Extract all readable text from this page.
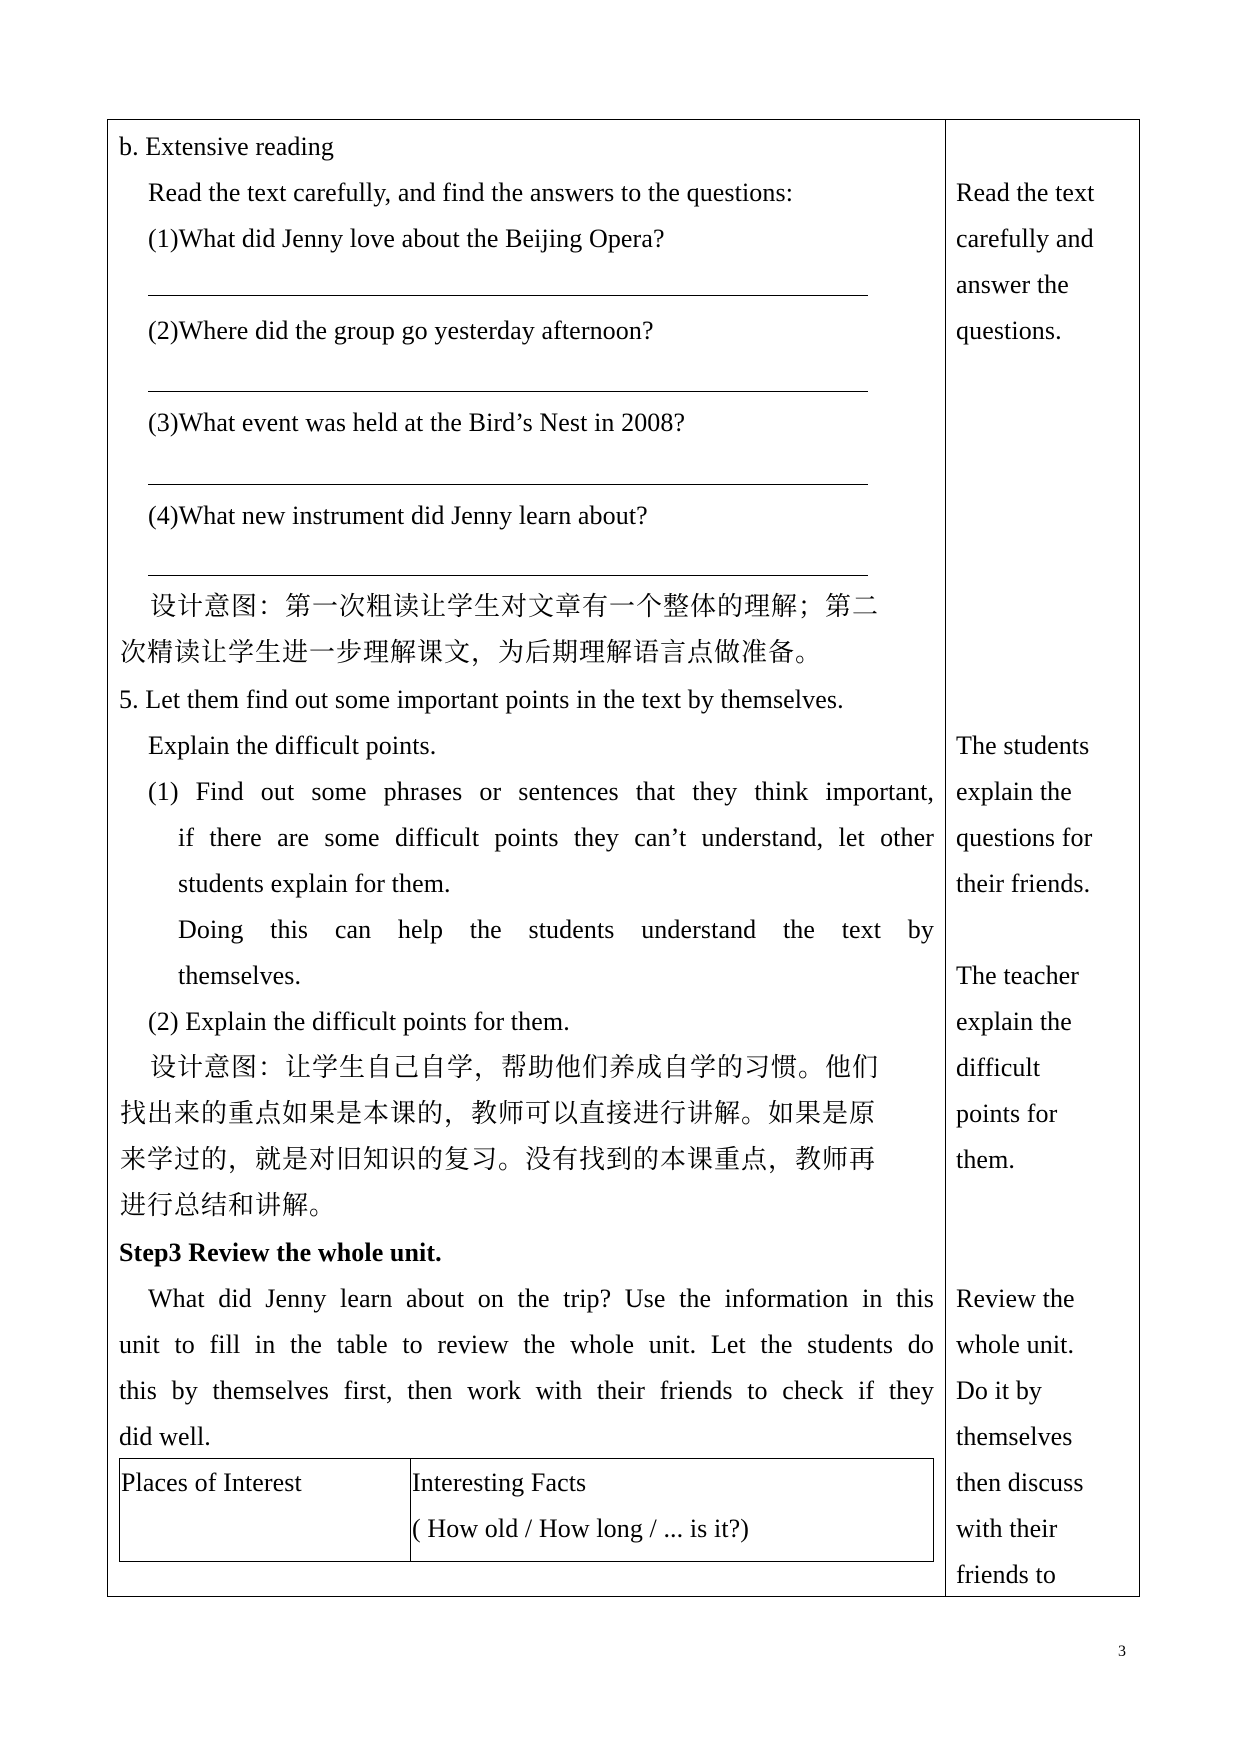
b. Extensive reading
Read the text carefully, and find the answers to the questions:
(1)What did Jenny love about the Beijing Opera?
(2)Where did the group go yesterday afternoon?
(3)What event was held at the Bird’s Nest in 2008?
(4)What new instrument did Jenny learn about?
设计意图：第一次粗读让学生对文章有一个整体的理解；第二
次精读让学生进一步理解课文，为后期理解语言点做准备。
5. Let them find out some important points in the text by themselves.
Explain the difficult points.
(1) Find out some phrases or sentences that they think important,
if there are some difficult points they can’t understand, let other
students explain for them.
Doing this can help the students understand the text by
themselves.
(2) Explain the difficult points for them.
设计意图：让学生自己自学，帮助他们养成自学的习惯。他们
找出来的重点如果是本课的，教师可以直接进行讲解。如果是原
来学过的，就是对旧知识的复习。没有找到的本课重点，教师再
进行总结和讲解。
Step3 Review the whole unit.
What did Jenny learn about on the trip? Use the information in this
unit to fill in the table to review the whole unit. Let the students do
this by themselves first, then work with their friends to check if they
did well.
Places of Interest	Interesting Facts
( How old / How long / ... is it?)
Read the text
carefully and
answer the
questions.
The students
explain the
questions for
their friends.
The teacher
explain the
difficult
points for
them.
Review the
whole unit.
Do it by
themselves
then discuss
with their
friends to
3
